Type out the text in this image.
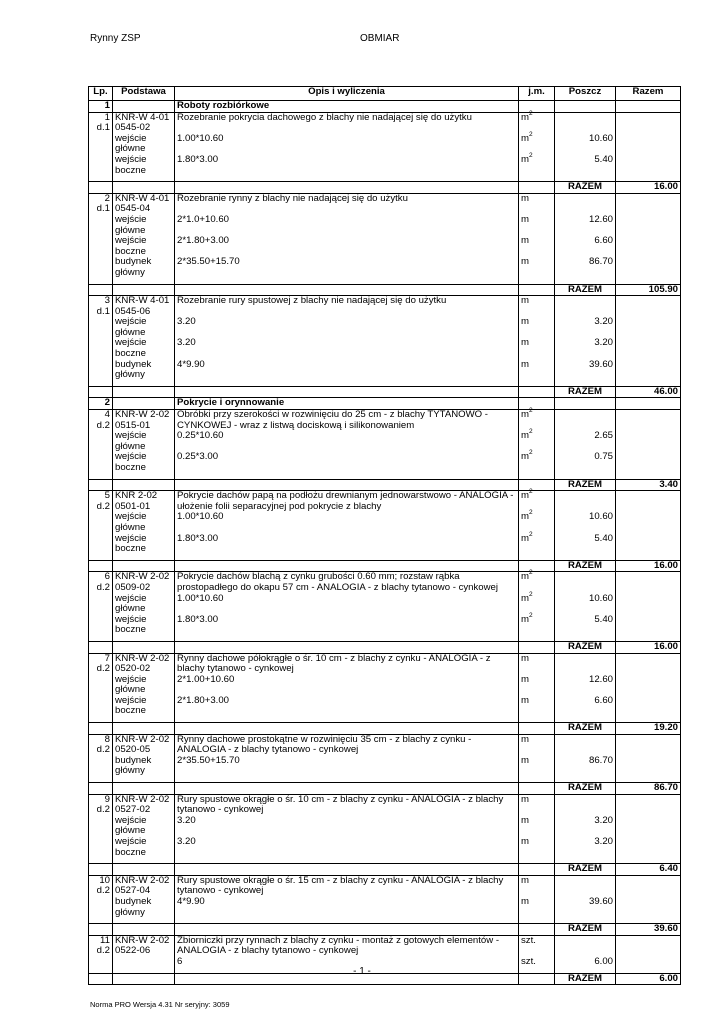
Rynny ZSP	OBMIAR
Lp.	Podstawa	Opis i wyliczenia	j.m.	Poszcz	Razem
1		Roboty rozbiórkowe			
1 d.1	KNR-W 4-01 0545-02	Rozebranie pokrycia dachowego z blachy nie nadającej się do użytku	$m^2$		
	wejście główne	1.00*10.60	$m^2$	10.60	
	wejście boczne	1.80*3.00	$m^2$	5.40	

				RAZEM	16.00
2 d.1	KNR-W 4-01 0545-04	Rozebranie rynny z blachy nie nadającej się do użytku	m		
	wejście główne	2*1.0+10.60	m	12.60	
	wejście boczne	2*1.80+3.00	m	6.60	
	budynek główny	2*35.50+15.70	m	86.70	

				RAZEM	105.90
3 d.1	KNR-W 4-01 0545-06	Rozebranie rury spustowej z blachy nie nadającej się do użytku	m		
	wejście główne	3.20	m	3.20	
	wejście boczne	3.20	m	3.20	
	budynek główny	4*9.90	m	39.60	

				RAZEM	46.00
2		Pokrycie i orynnowanie			
4 d.2	KNR-W 2-02 0515-01	Obróbki przy szerokości w rozwinięciu do 25 cm - z blachy TYTANOWO - CYNKOWEJ - wraz z listwą dociskową i silikonowaniem	$m^2$		
	wejście główne	0.25*10.60	$m^2$	2.65	
	wejście boczne	0.25*3.00	$m^2$	0.75	

				RAZEM	3.40
5 d.2	KNR 2-02 0501-01	Pokrycie dachów papą na podłożu drewnianym jednowarstwowo - ANALOGIA - ułożenie folii separacyjnej pod pokrycie z blachy	$m^2$		
	wejście główne	1.00*10.60	$m^2$	10.60	
	wejście boczne	1.80*3.00	$m^2$	5.40	

				RAZEM	16.00
6 d.2	KNR-W 2-02 0509-02	Pokrycie dachów blachą z cynku grubości 0.60 mm; rozstaw rąbka prostopadłego do okapu 57 cm - ANALOGIA - z blachy tytanowo - cynkowej	$m^2$		
	wejście główne	1.00*10.60	$m^2$	10.60	
	wejście boczne	1.80*3.00	$m^2$	5.40	

				RAZEM	16.00
7 d.2	KNR-W 2-02 0520-02	Rynny dachowe półokrągłe o śr. 10 cm - z blachy z cynku - ANALOGIA - z blachy tytanowo - cynkowej	m		
	wejście główne	2*1.00+10.60	m	12.60	
	wejście boczne	2*1.80+3.00	m	6.60	

				RAZEM	19.20
8 d.2	KNR-W 2-02 0520-05	Rynny dachowe prostokątne w rozwinięciu 35 cm - z blachy z cynku - ANALOGIA - z blachy tytanowo - cynkowej	m		
	budynek główny	2*35.50+15.70	m	86.70	

				RAZEM	86.70
9 d.2	KNR-W 2-02 0527-02	Rury spustowe okrągłe o śr. 10 cm - z blachy z cynku - ANALOGIA - z blachy tytanowo - cynkowej	m		
	wejście główne	3.20	m	3.20	
	wejście boczne	3.20	m	3.20	

				RAZEM	6.40
10 d.2	KNR-W 2-02 0527-04	Rury spustowe okrągłe o śr. 15 cm - z blachy z cynku - ANALOGIA - z blachy tytanowo - cynkowej	m		
	budynek główny	4*9.90	m	39.60	

				RAZEM	39.60
11 d.2	KNR-W 2-02 0522-06	Zbiorniczki przy rynnach z blachy z cynku - montaż z gotowych elementów - ANALOGIA - z blachy tytanowo - cynkowej	szt.		
		6	szt.	6.00	

				RAZEM	6.00
- 1 -
Norma PRO Wersja 4.31 Nr seryjny: 3059
